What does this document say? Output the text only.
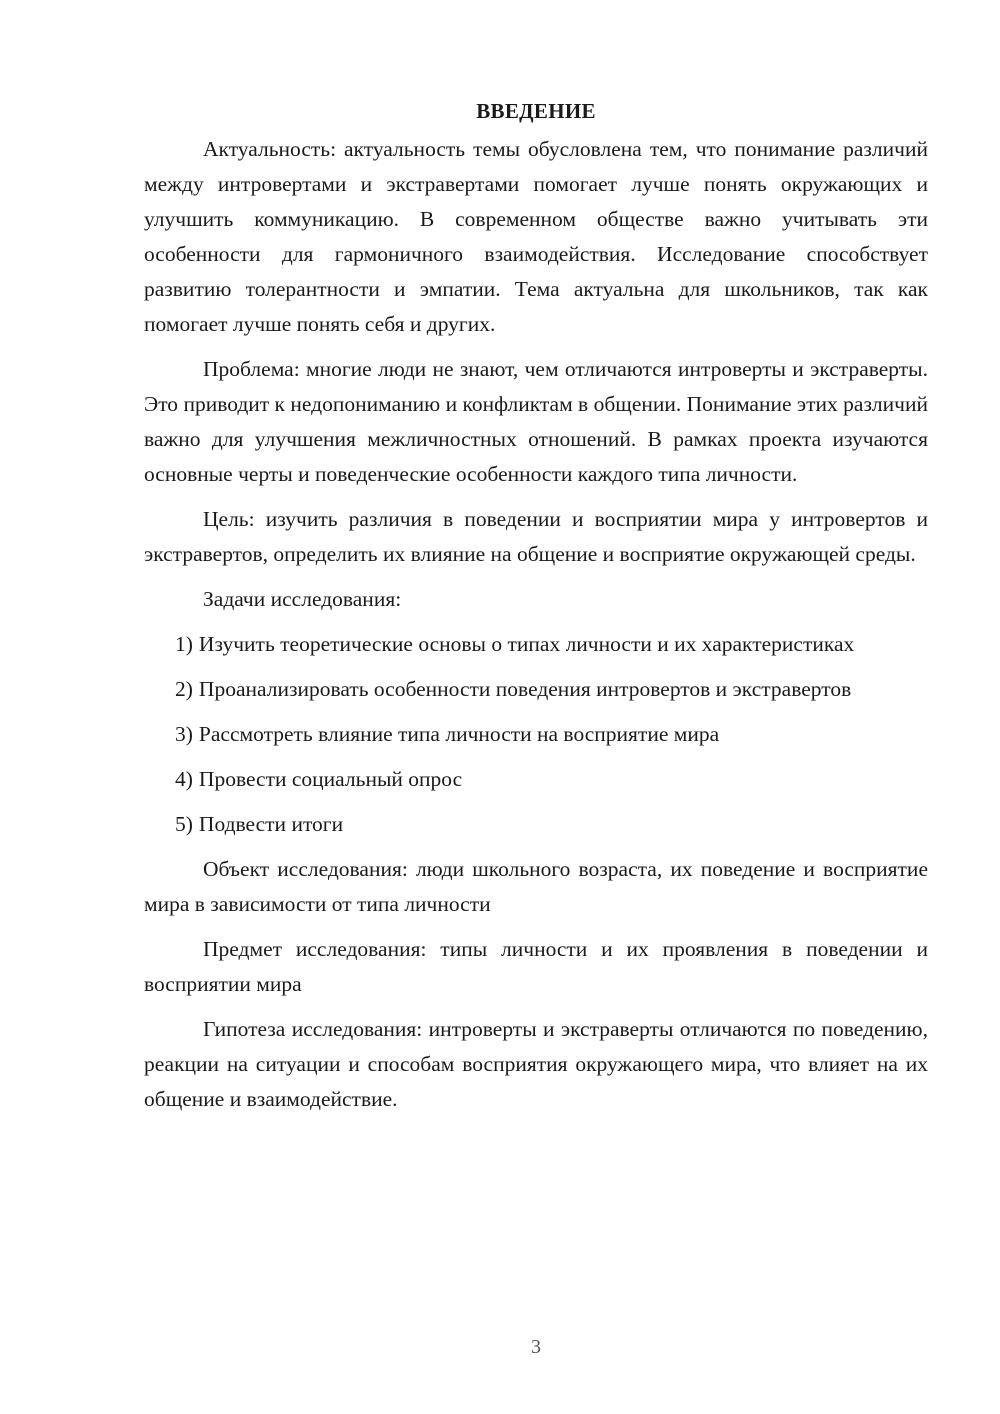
ВВЕДЕНИЕ

Актуальность: актуальность темы обусловлена тем, что понимание различий между интровертами и экстравертами помогает лучше понять окружающих и улучшить коммуникацию. В современном обществе важно учитывать эти особенности для гармоничного взаимодействия. Исследование способствует развитию толерантности и эмпатии. Тема актуальна для школьников, так как помогает лучше понять себя и других.

Проблема: многие люди не знают, чем отличаются интроверты и экстраверты. Это приводит к недопониманию и конфликтам в общении. Понимание этих различий важно для улучшения межличностных отношений. В рамках проекта изучаются основные черты и поведенческие особенности каждого типа личности.

Цель: изучить различия в поведении и восприятии мира у интровертов и экстравертов, определить их влияние на общение и восприятие окружающей среды.

Задачи исследования:

1) Изучить теоретические основы о типах личности и их характеристиках

2) Проанализировать особенности поведения интровертов и экстравертов

3) Рассмотреть влияние типа личности на восприятие мира

4) Провести социальный опрос

5) Подвести итоги

Объект исследования: люди школьного возраста, их поведение и восприятие мира в зависимости от типа личности

Предмет исследования: типы личности и их проявления в поведении и восприятии мира

Гипотеза исследования: интроверты и экстраверты отличаются по поведению, реакции на ситуации и способам восприятия окружающего мира, что влияет на их общение и взаимодействие.

3
